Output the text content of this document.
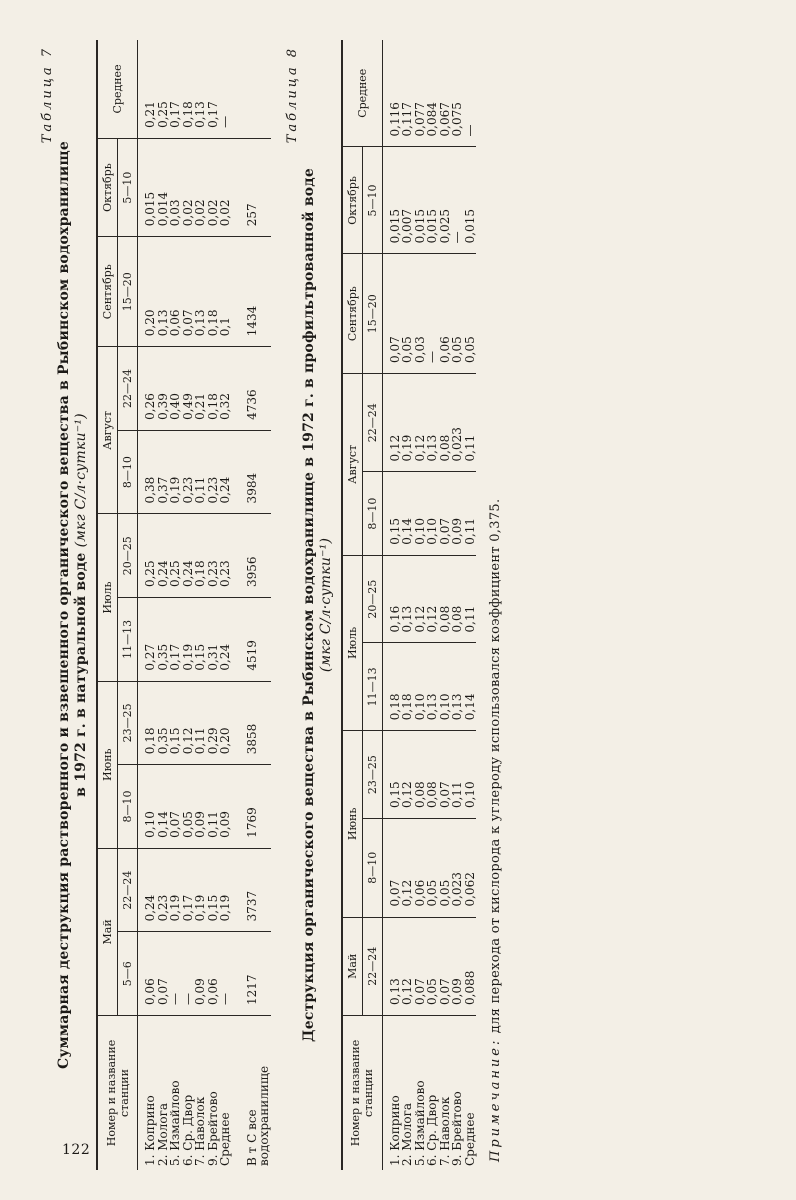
122
Таблица 7
Суммарная деструкция растворенного и взвешенного органического вещества в Рыбинском водохранилище в 1972 г. в натуральной воде (мкг С/л·сутки⁻¹)
Номер и название станции	Май		Июнь		Июль		Август		Сентябрь	Октябрь	Среднее
	5—6	22—24	8—10	23—25	11—13	20—25	8—10	22—24	15—20	5—10	
1. Коприно	0,06	0,24	0,10	0,18	0,27	0,25	0,38	0,26	0,20	0,015	0,21
2. Молога	0,07	0,23	0,14	0,35	0,35	0,24	0,37	0,39	0,13	0,014	0,25
5. Измайлово	—	0,19	0,07	0,15	0,17	0,25	0,19	0,40	0,06	0,03	0,17
6. Ср. Двор	—	0,17	0,05	0,12	0,19	0,24	0,23	0,49	0,07	0,02	0,18
7. Наволок	0,09	0,19	0,09	0,11	0,15	0,18	0,11	0,21	0,13	0,02	0,13
9. Брейтово	0,06	0,15	0,11	0,29	0,31	0,23	0,23	0,18	0,18	0,02	0,17
Среднее	—	0,19	0,09	0,20	0,24	0,23	0,24	0,32	0,1	0,02	—
В т С все водохранилище	1217	3737	1769	3858	4519	3956	3984	4736	1434	257	
Таблица 8
Деструкция органического вещества в Рыбинском водохранилище в 1972 г. в профильтрованной воде (мкг С/л·сутки⁻¹)
Номер и название станции	Май	Июнь		Июль		Август		Сентябрь	Октябрь	Среднее
	22—24	8—10	23—25	11—13	20—25	8—10	22—24	15—20	5—10	
1. Коприно	0,13	0,07	0,15	0,18	0,16	0,15	0,12	0,07	0,015	0,116
2. Молога	0,12	0,12	0,12	0,18	0,13	0,14	0,19	0,05	0,007	0,117
5. Измайлово	0,07	0,06	0,08	0,10	0,12	0,10	0,12	0,03	0,015	0,077
6. Ср. Двор	0,05	0,05	0,08	0,13	0,12	0,10	0,13	—	0,015	0,084
7. Наволок	0,07	0,05	0,07	0,10	0,08	0,07	0,08	0,06	0,025	0,067
9. Брейтово	0,09	0,023	0,11	0,13	0,08	0,09	0,023	0,05	—	0,075
Среднее	0,088	0,062	0,10	0,14	0,11	0,11	0,11	0,05	0,015	—
Примечание: для перехода от кислорода к углероду использовался коэффициент 0,375.
